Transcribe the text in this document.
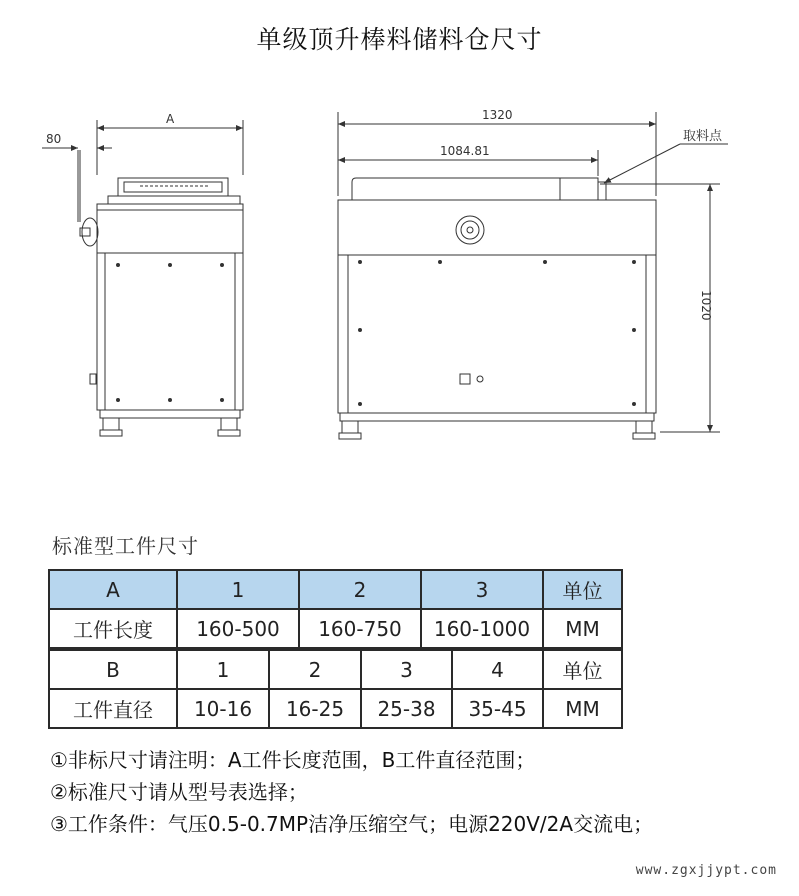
单级顶升棒料储料仓尺寸
80
A	1320
1084.81
取料点
1020
标准型工件尺寸
A	1	2	3	单位
工件长度	160-500	160-750	160-1000	MM
B	1	2	3	4	单位
工件直径	10-16	16-25	25-38	35-45	MM
①非标尺寸请注明：A工件长度范围，B工件直径范围；
②标准尺寸请从型号表选择；
③工作条件：气压0.5-0.7MP洁净压缩空气；电源220V/2A交流电；
www.zgxjjypt.com
